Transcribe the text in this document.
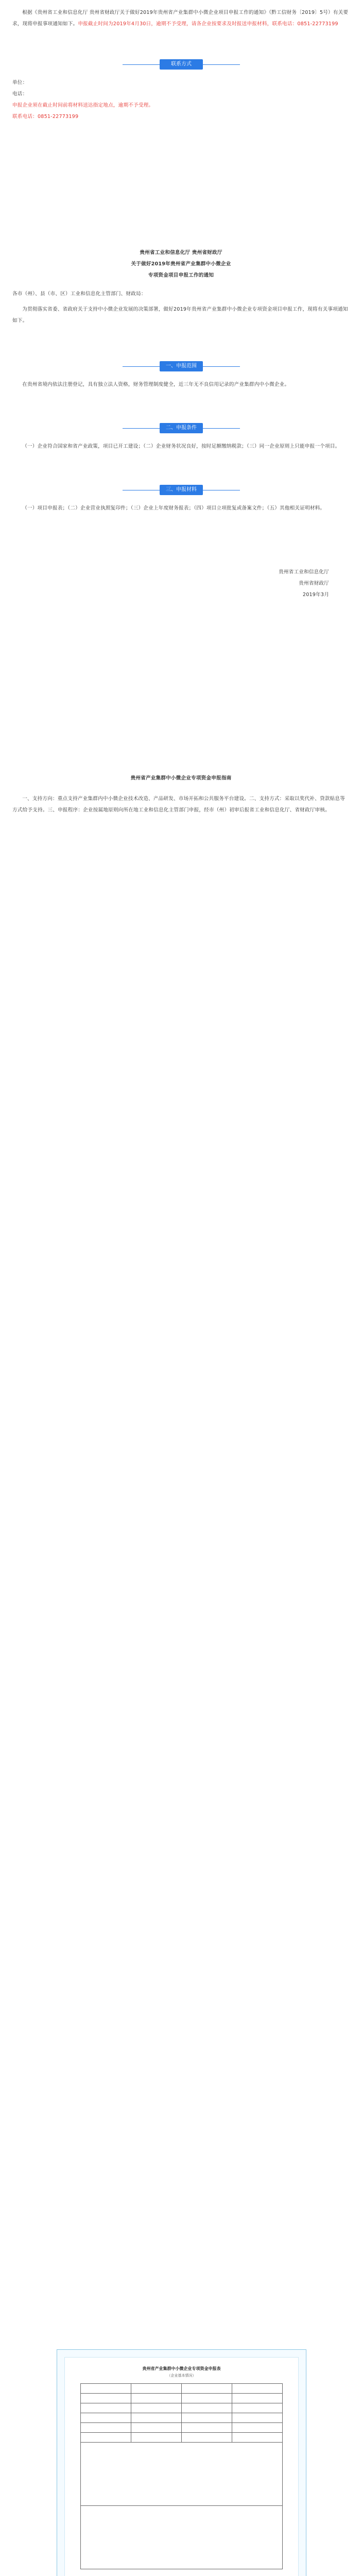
根据《贵州省工业和信息化厅 贵州省财政厅关于做好2019年贵州省产业集群中小微企业项目申报工作的通知》（黔工信财务〔2019〕5号）有关要求，现将申报事项通知如下。申报截止时间为2019年4月30日，逾期不予受理，请各企业按要求及时报送申报材料，联系电话：0851-22773199
联系方式
单位：
电话：
申报企业须在截止时间前将材料送达指定地点，逾期不予受理。
联系电话：0851-22773199
贵州省工业和信息化厅 贵州省财政厅
关于做好2019年贵州省产业集群中小微企业
专项资金项目申报工作的通知
各市（州）、县（市、区）工业和信息化主管部门、财政局：
为贯彻落实省委、省政府关于支持中小微企业发展的决策部署，做好2019年贵州省产业集群中小微企业专项资金项目申报工作，现将有关事项通知如下。
一、申报范围
在贵州省境内依法注册登记，具有独立法人资格，财务管理制度健全，近三年无不良信用记录的产业集群内中小微企业。
二、申报条件
（一）企业符合国家和省产业政策，项目已开工建设；（二）企业财务状况良好，按时足额缴纳税款；（三）同一企业原则上只能申报一个项目。
三、申报材料
（一）项目申报表；（二）企业营业执照复印件；（三）企业上年度财务报表；（四）项目立项批复或备案文件；（五）其他相关证明材料。
贵州省工业和信息化厅
贵州省财政厅
2019年3月
贵州省产业集群中小微企业专项资金申报指南
一、支持方向：重点支持产业集群内中小微企业技术改造、产品研发、市场开拓和公共服务平台建设。二、支持方式：采取以奖代补、贷款贴息等方式给予支持。三、申报程序：企业按属地原则向所在地工业和信息化主管部门申报，经市（州）初审后报省工业和信息化厅、省财政厅审核。
贵州省产业集群中小微企业专项资金申报表
（企业基本情况）
